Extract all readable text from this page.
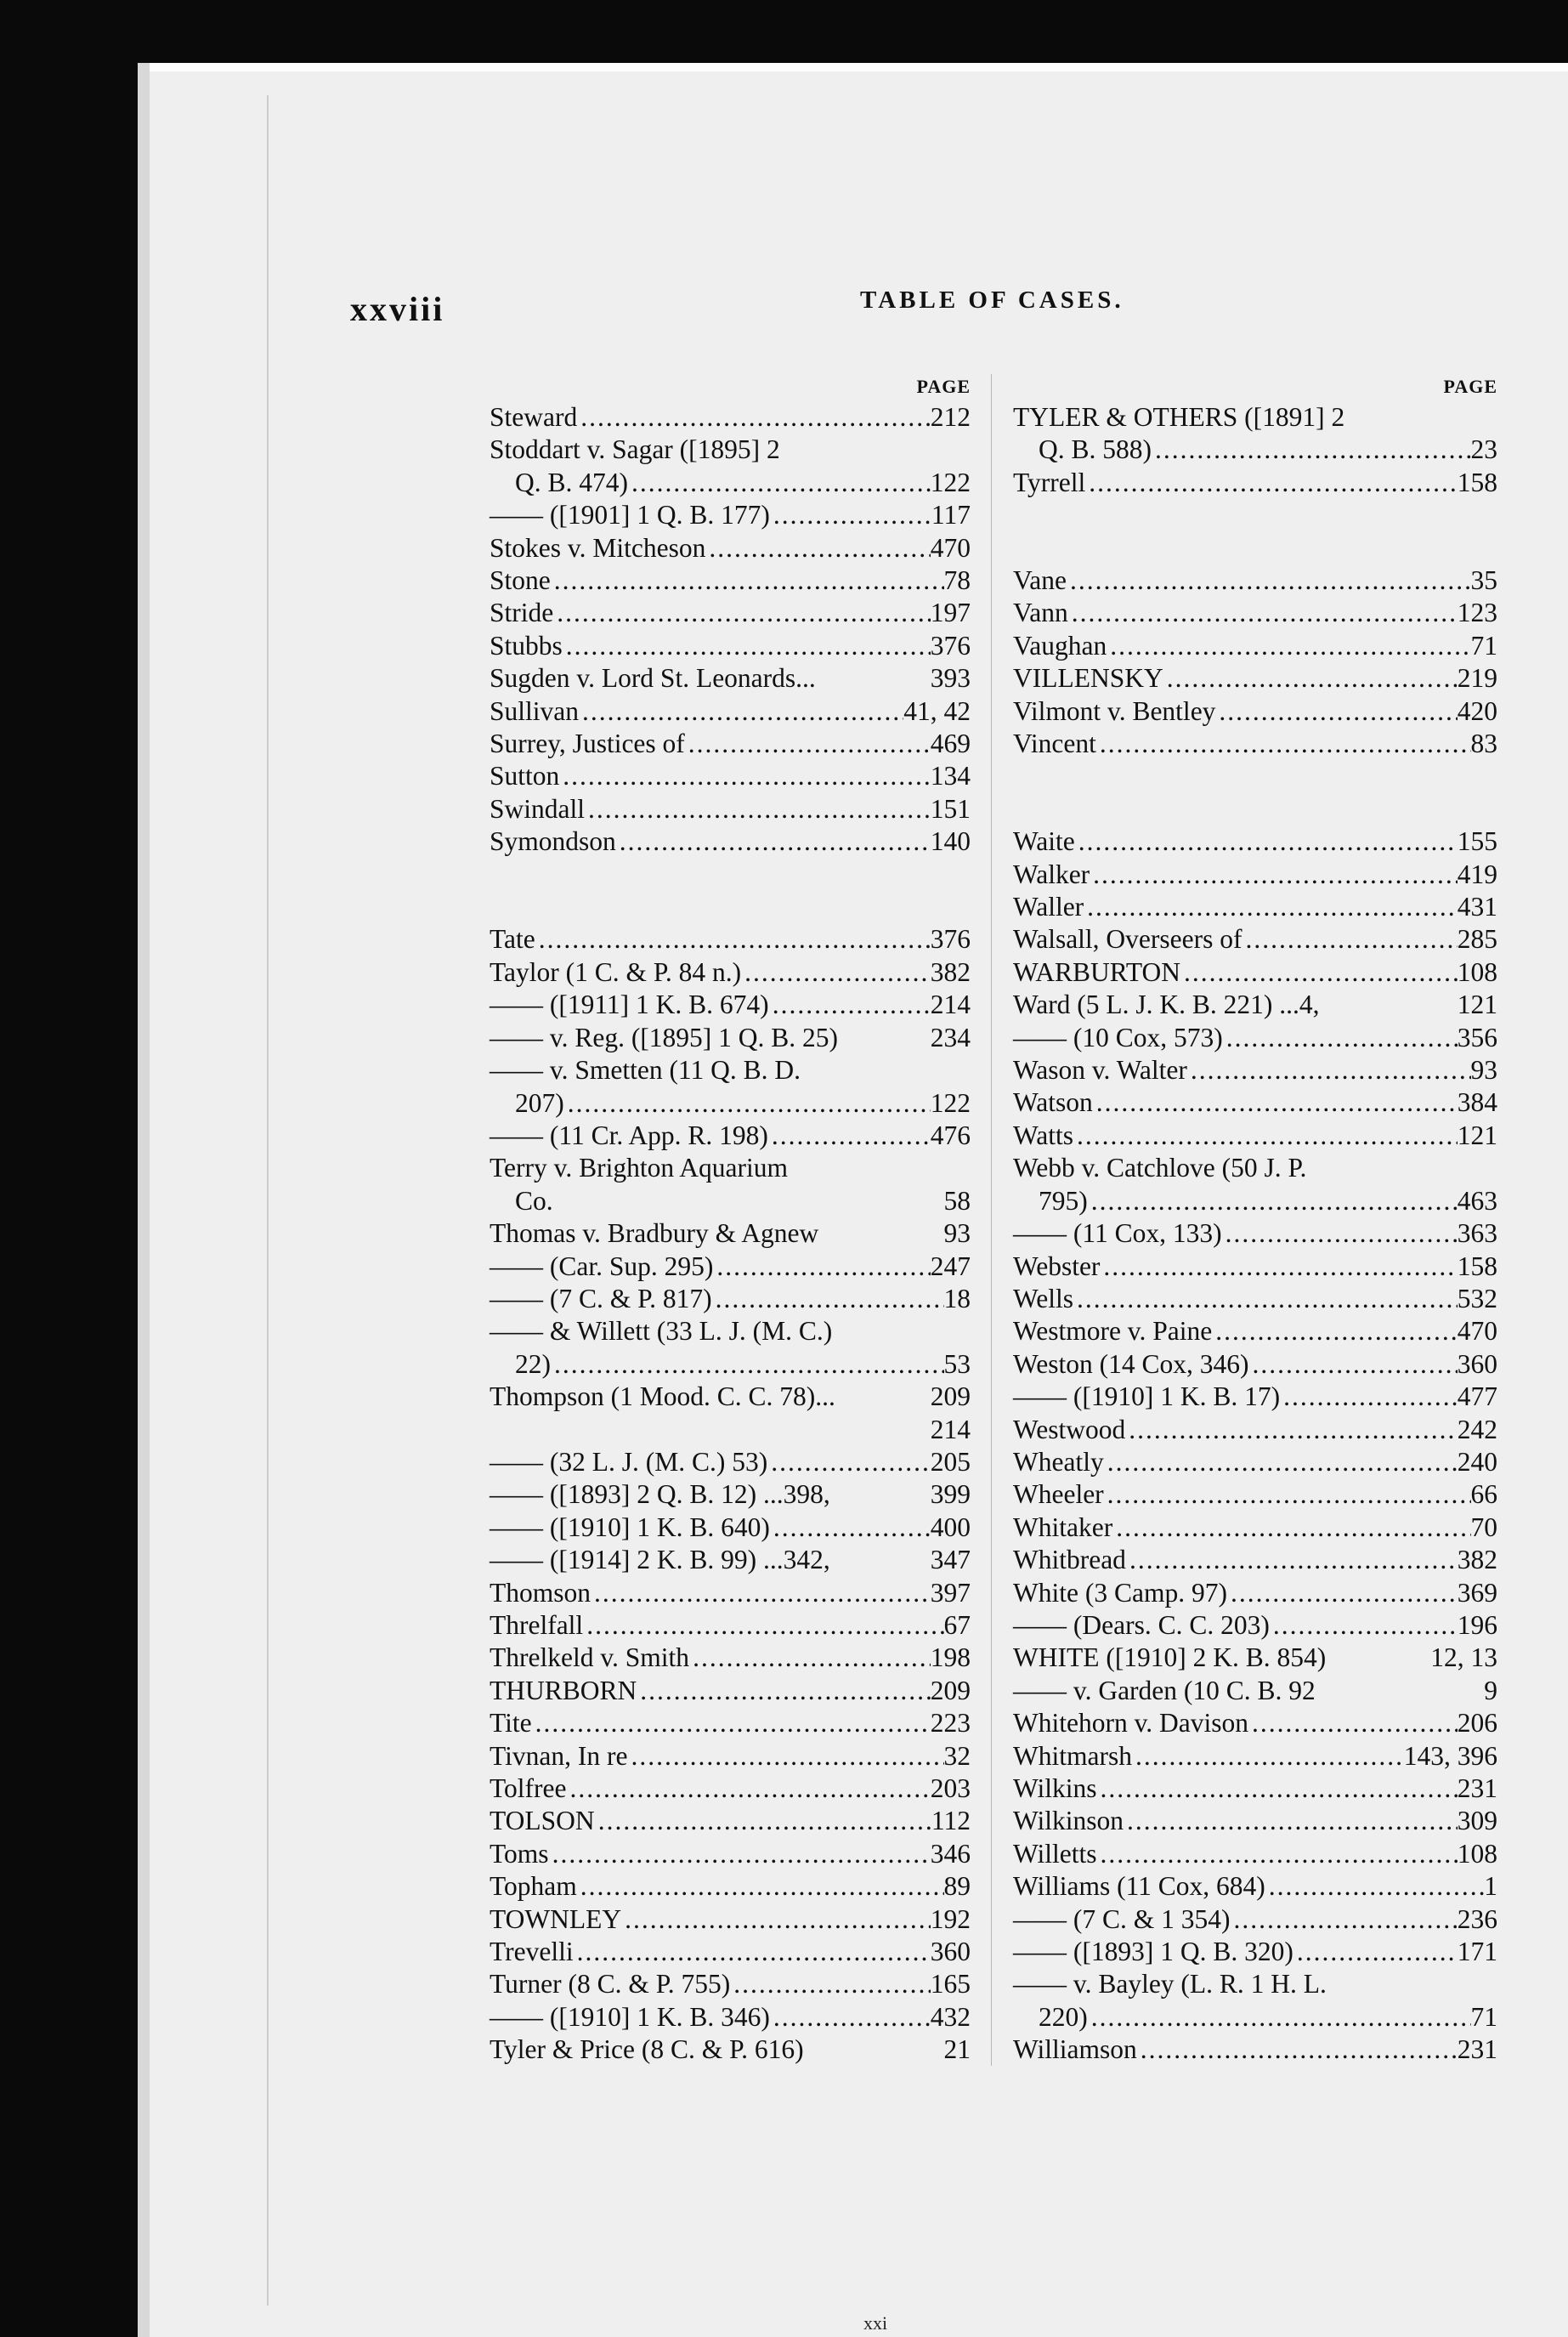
xxviii	TABLE OF CASES.
PAGE
Steward .....	212
Stoddart v. Sagar ([1895] 2
Q. B. 474) .....	122
—— ([1901] 1 Q. B. 177) .....	117
Stokes v. Mitcheson .....	470
Stone .....	78
Stride .....	197
Stubbs .....	376
Sugden v. Lord St. Leonards...	393
Sullivan .....	41, 42
Surrey, Justices of .....	469
Sutton .....	134
Swindall .....	151
Symondson .....	140
Tate .....	376
Taylor (1 C. & P. 84 n.) .....	382
—— ([1911] 1 K. B. 674) .....	214
—— v. Reg. ([1895] 1 Q. B. 25)	234
—— v. Smetten (11 Q. B. D.
207) .....	122
—— (11 Cr. App. R. 198) .....	476
Terry v. Brighton Aquarium
Co.	58
Thomas v. Bradbury & Agnew	93
—— (Car. Sup. 295) .....	247
—— (7 C. & P. 817) .....	18
—— & Willett (33 L. J. (M. C.)
22) .....	53
Thompson (1 Mood. C. C. 78)...	209
214
—— (32 L. J. (M. C.) 53) .....	205
—— ([1893] 2 Q. B. 12) ...398,	399
—— ([1910] 1 K. B. 640) .....	400
—— ([1914] 2 K. B. 99) ...342,	347
Thomson .....	397
Threlfall .....	67
Threlkeld v. Smith .....	198
THURBORN .....	209
Tite .....	223
Tivnan, In re .....	32
Tolfree .....	203
TOLSON .....	112
Toms .....	346
Topham .....	89
TOWNLEY .....	192
Trevelli .....	360
Turner (8 C. & P. 755) .....	165
—— ([1910] 1 K. B. 346) .....	432
Tyler & Price (8 C. & P. 616)	21
PAGE
TYLER & OTHERS ([1891] 2
Q. B. 588) .....	23
Tyrrell .....	158
Vane .....	35
Vann .....	123
Vaughan .....	71
VILLENSKY .....	219
Vilmont v. Bentley .....	420
Vincent .....	83
Waite .....	155
Walker .....	419
Waller .....	431
Walsall, Overseers of .....	285
WARBURTON .....	108
Ward (5 L. J. K. B. 221) ...4,	121
—— (10 Cox, 573) .....	356
Wason v. Walter .....	93
Watson .....	384
Watts .....	121
Webb v. Catchlove (50 J. P.
795) .....	463
—— (11 Cox, 133) .....	363
Webster .....	158
Wells .....	532
Westmore v. Paine .....	470
Weston (14 Cox, 346) .....	360
—— ([1910] 1 K. B. 17) .....	477
Westwood .....	242
Wheatly .....	240
Wheeler .....	66
Whitaker .....	70
Whitbread .....	382
White (3 Camp. 97) .....	369
—— (Dears. C. C. 203) .....	196
WHITE ([1910] 2 K. B. 854)	12, 13
—— v. Garden (10 C. B. 92	9
Whitehorn v. Davison .....	206
Whitmarsh .....	143, 396
Wilkins .....	231
Wilkinson .....	309
Willetts .....	108
Williams (11 Cox, 684) .....	1
—— (7 C. & 1 354) .....	236
—— ([1893] 1 Q. B. 320) .....	171
—— v. Bayley (L. R. 1 H. L.
220) .....	71
Williamson .....	231
xxi
